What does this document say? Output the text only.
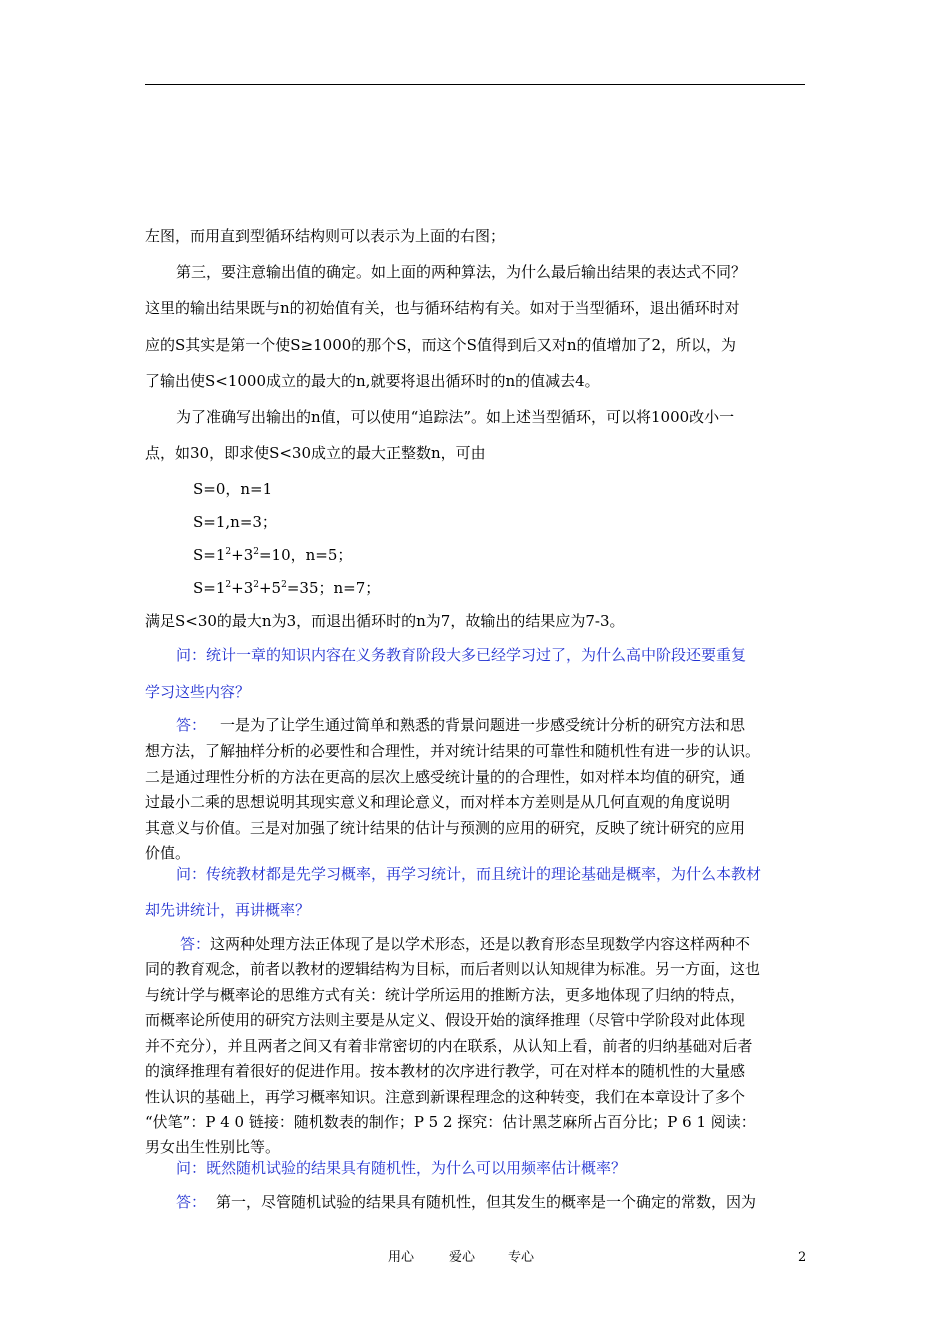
左图，而用直到型循环结构则可以表示为上面的右图；
第三，要注意输出值的确定。如上面的两种算法，为什么最后输出结果的表达式不同？
这里的输出结果既与n的初始值有关，也与循环结构有关。如对于当型循环，退出循环时对
应的S其实是第一个使S≥1000的那个S，而这个S值得到后又对n的值增加了2，所以，为
了输出使S<1000成立的最大的n,就要将退出循环时的n的值减去4。
为了准确写出输出的n值，可以使用“追踪法”。如上述当型循环，可以将1000改小一
点，如30，即求使S<30成立的最大正整数n，可由
S=0，n=1
S=1,n=3；
$S=1^2+3^2=10$，n=5；
$S=1^2+3^2+5^2=35$；n=7；
满足S<30的最大n为3，而退出循环时的n为7，故输出的结果应为7-3。
问：统计一章的知识内容在义务教育阶段大多已经学习过了，为什么高中阶段还要重复
学习这些内容？
答： 一是为了让学生通过简单和熟悉的背景问题进一步感受统计分析的研究方法和思
想方法，了解抽样分析的必要性和合理性，并对统计结果的可靠性和随机性有进一步的认识。
二是通过理性分析的方法在更高的层次上感受统计量的的合理性，如对样本均值的研究，通
过最小二乘的思想说明其现实意义和理论意义，而对样本方差则是从几何直观的角度说明
其意义与价值。三是对加强了统计结果的估计与预测的应用的研究，反映了统计研究的应用
价值。
问：传统教材都是先学习概率，再学习统计，而且统计的理论基础是概率，为什么本教材
却先讲统计，再讲概率？
答：这两种处理方法正体现了是以学术形态，还是以教育形态呈现数学内容这样两种不
同的教育观念，前者以教材的逻辑结构为目标，而后者则以认知规律为标准。另一方面，这也
与统计学与概率论的思维方式有关：统计学所运用的推断方法，更多地体现了归纳的特点，
而概率论所使用的研究方法则主要是从定义、假设开始的演绎推理（尽管中学阶段对此体现
并不充分），并且两者之间又有着非常密切的内在联系，从认知上看，前者的归纳基础对后者
的演绎推理有着很好的促进作用。按本教材的次序进行教学，可在对样本的随机性的大量感
性认识的基础上，再学习概率知识。注意到新课程理念的这种转变，我们在本章设计了多个
“伏笔”：P 4 0 链接：随机数表的制作；P 5 2 探究：估计黑芝麻所占百分比；P 6 1 阅读：
男女出生性别比等。
问：既然随机试验的结果具有随机性，为什么可以用频率估计概率？
答： 第一，尽管随机试验的结果具有随机性，但其发生的概率是一个确定的常数，因为
用心	爱心	专心	2
